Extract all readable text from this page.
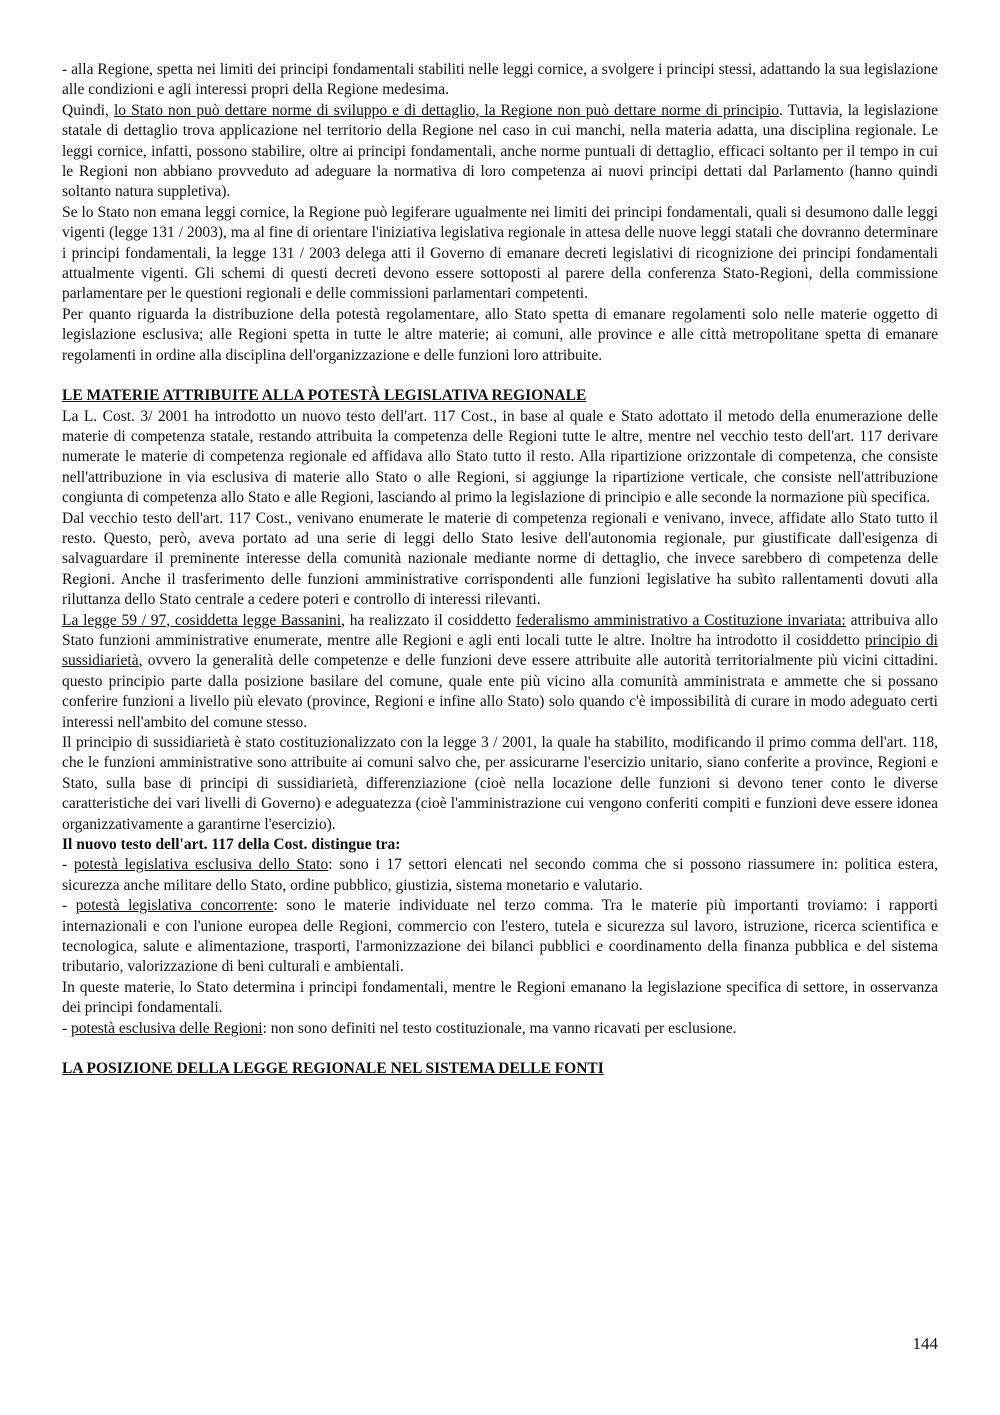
- alla Regione, spetta nei limiti dei principi fondamentali stabiliti nelle leggi cornice, a svolgere i principi stessi, adattando la sua legislazione alle condizioni e agli interessi propri della Regione medesima.

Quindi, lo Stato non può dettare norme di sviluppo e di dettaglio, la Regione non può dettare norme di principio. Tuttavia, la legislazione statale di dettaglio trova applicazione nel territorio della Regione nel caso in cui manchi, nella materia adatta, una disciplina regionale. Le leggi cornice, infatti, possono stabilire, oltre ai principi fondamentali, anche norme puntuali di dettaglio, efficaci soltanto per il tempo in cui le Regioni non abbiano provveduto ad adeguare la normativa di loro competenza ai nuovi principi dettati dal Parlamento (hanno quindi soltanto natura suppletiva).

Se lo Stato non emana leggi cornice, la Regione può legiferare ugualmente nei limiti dei principi fondamentali, quali si desumono dalle leggi vigenti (legge 131 / 2003), ma al fine di orientare l'iniziativa legislativa regionale in attesa delle nuove leggi statali che dovranno determinare i principi fondamentali, la legge 131 / 2003 delega atti il Governo di emanare decreti legislativi di ricognizione dei principi fondamentali attualmente vigenti. Gli schemi di questi decreti devono essere sottoposti al parere della conferenza Stato-Regioni, della commissione parlamentare per le questioni regionali e delle commissioni parlamentari competenti.

Per quanto riguarda la distribuzione della potestà regolamentare, allo Stato spetta di emanare regolamenti solo nelle materie oggetto di legislazione esclusiva; alle Regioni spetta in tutte le altre materie; ai comuni, alle province e alle città metropolitane spetta di emanare regolamenti in ordine alla disciplina dell'organizzazione e delle funzioni loro attribuite.

LE MATERIE ATTRIBUITE ALLA POTESTÀ LEGISLATIVA REGIONALE

La L. Cost. 3/ 2001 ha introdotto un nuovo testo dell'art. 117 Cost., in base al quale e Stato adottato il metodo della enumerazione delle materie di competenza statale, restando attribuita la competenza delle Regioni tutte le altre, mentre nel vecchio testo dell'art. 117 derivare numerate le materie di competenza regionale ed affidava allo Stato tutto il resto. Alla ripartizione orizzontale di competenza, che consiste nell'attribuzione in via esclusiva di materie allo Stato o alle Regioni, si aggiunge la ripartizione verticale, che consiste nell'attribuzione congiunta di competenza allo Stato e alle Regioni, lasciando al primo la legislazione di principio e alle seconde la normazione più specifica.

Dal vecchio testo dell'art. 117 Cost., venivano enumerate le materie di competenza regionali e venivano, invece, affidate allo Stato tutto il resto. Questo, però, aveva portato ad una serie di leggi dello Stato lesive dell'autonomia regionale, pur giustificate dall'esigenza di salvaguardare il preminente interesse della comunità nazionale mediante norme di dettaglio, che invece sarebbero di competenza delle Regioni. Anche il trasferimento delle funzioni amministrative corrispondenti alle funzioni legislative ha subìto rallentamenti dovuti alla riluttanza dello Stato centrale a cedere poteri e controllo di interessi rilevanti.

La legge 59 / 97, cosiddetta legge Bassanini, ha realizzato il cosiddetto federalismo amministrativo a Costituzione invariata: attribuiva allo Stato funzioni amministrative enumerate, mentre alle Regioni e agli enti locali tutte le altre. Inoltre ha introdotto il cosiddetto principio di sussidiarietà, ovvero la generalità delle competenze e delle funzioni deve essere attribuite alle autorità territorialmente più vicini cittadini. questo principio parte dalla posizione basilare del comune, quale ente più vicino alla comunità amministrata e ammette che si possano conferire funzioni a livello più elevato (province, Regioni e infine allo Stato) solo quando c'è impossibilità di curare in modo adeguato certi interessi nell'ambito del comune stesso.

Il principio di sussidiarietà è stato costituzionalizzato con la legge 3 / 2001, la quale ha stabilito, modificando il primo comma dell'art. 118, che le funzioni amministrative sono attribuite ai comuni salvo che, per assicurarne l'esercizio unitario, siano conferite a province, Regioni e Stato, sulla base di principi di sussidiarietà, differenziazione (cioè nella locazione delle funzioni si devono tener conto le diverse caratteristiche dei vari livelli di Governo) e adeguatezza (cioè l'amministrazione cui vengono conferiti compiti e funzioni deve essere idonea organizzativamente a garantirne l'esercizio).

Il nuovo testo dell'art. 117 della Cost. distingue tra:

- potestà legislativa esclusiva dello Stato: sono i 17 settori elencati nel secondo comma che si possono riassumere in: politica estera, sicurezza anche militare dello Stato, ordine pubblico, giustizia, sistema monetario e valutario.

- potestà legislativa concorrente: sono le materie individuate nel terzo comma. Tra le materie più importanti troviamo: i rapporti internazionali e con l'unione europea delle Regioni, commercio con l'estero, tutela e sicurezza sul lavoro, istruzione, ricerca scientifica e tecnologica, salute e alimentazione, trasporti, l'armonizzazione dei bilanci pubblici e coordinamento della finanza pubblica e del sistema tributario, valorizzazione di beni culturali e ambientali.

In queste materie, lo Stato determina i principi fondamentali, mentre le Regioni emanano la legislazione specifica di settore, in osservanza dei principi fondamentali.

- potestà esclusiva delle Regioni: non sono definiti nel testo costituzionale, ma vanno ricavati per esclusione.

LA POSIZIONE DELLA LEGGE REGIONALE NEL SISTEMA DELLE FONTI

144
